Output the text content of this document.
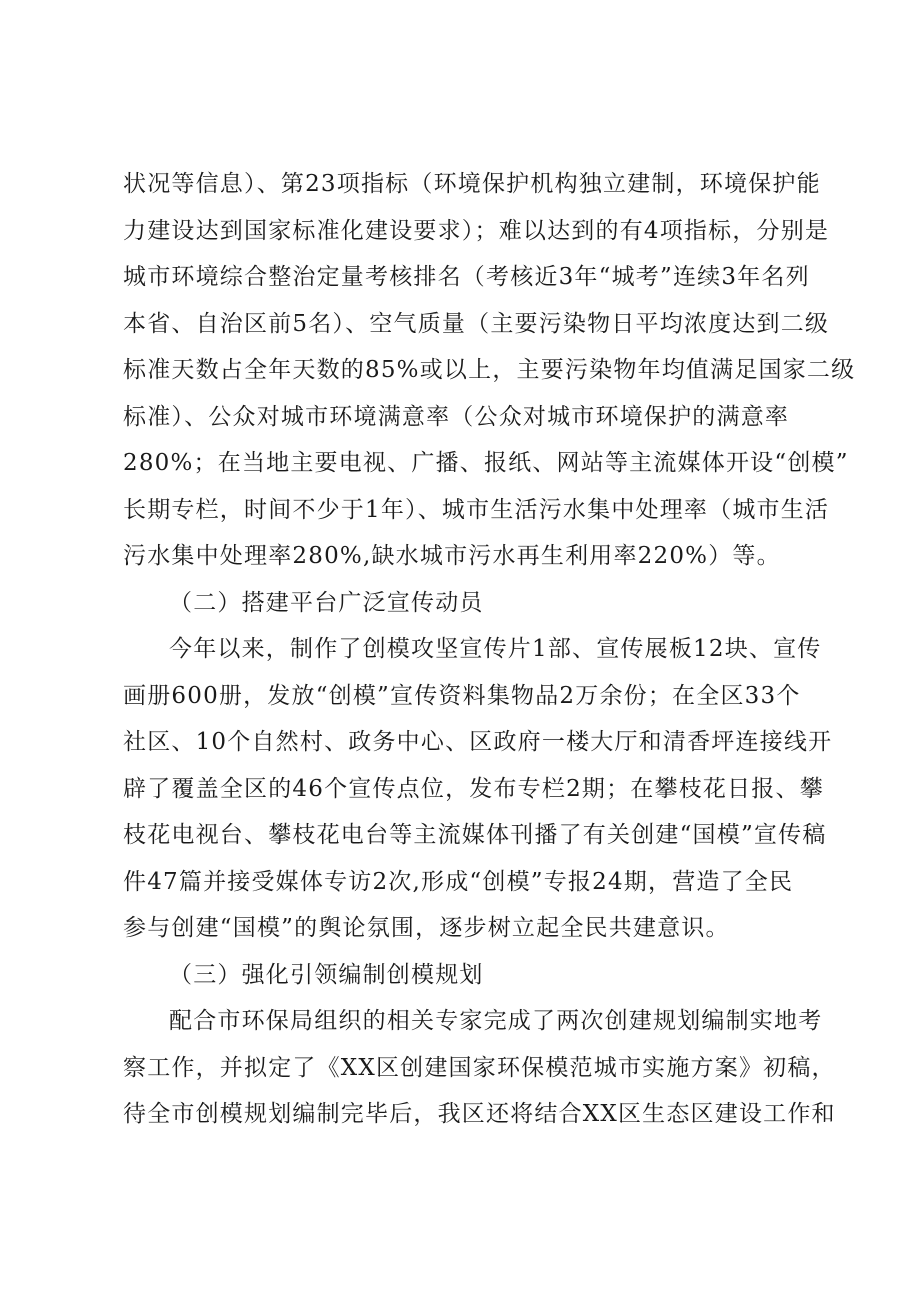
状况等信息）、第23项指标（环境保护机构独立建制，环境保护能
力建设达到国家标准化建设要求）；难以达到的有4项指标，分别是
城市环境综合整治定量考核排名（考核近3年“城考”连续3年名列
本省、自治区前5名）、空气质量（主要污染物日平均浓度达到二级
标准天数占全年天数的85%或以上，主要污染物年均值满足国家二级
标准）、公众对城市环境满意率（公众对城市环境保护的满意率
280%；在当地主要电视、广播、报纸、网站等主流媒体开设“创模”
长期专栏，时间不少于1年）、城市生活污水集中处理率（城市生活
污水集中处理率280%,缺水城市污水再生利用率220%）等。
（二）搭建平台广泛宣传动员
今年以来，制作了创模攻坚宣传片1部、宣传展板12块、宣传
画册600册，发放“创模”宣传资料集物品2万余份；在全区33个
社区、10个自然村、政务中心、区政府一楼大厅和清香坪连接线开
辟了覆盖全区的46个宣传点位，发布专栏2期；在攀枝花日报、攀
枝花电视台、攀枝花电台等主流媒体刊播了有关创建“国模”宣传稿
件47篇并接受媒体专访2次,形成“创模”专报24期，营造了全民
参与创建“国模”的舆论氛围，逐步树立起全民共建意识。
（三）强化引领编制创模规划
配合市环保局组织的相关专家完成了两次创建规划编制实地考
察工作，并拟定了《XX区创建国家环保模范城市实施方案》初稿，
待全市创模规划编制完毕后，我区还将结合XX区生态区建设工作和
